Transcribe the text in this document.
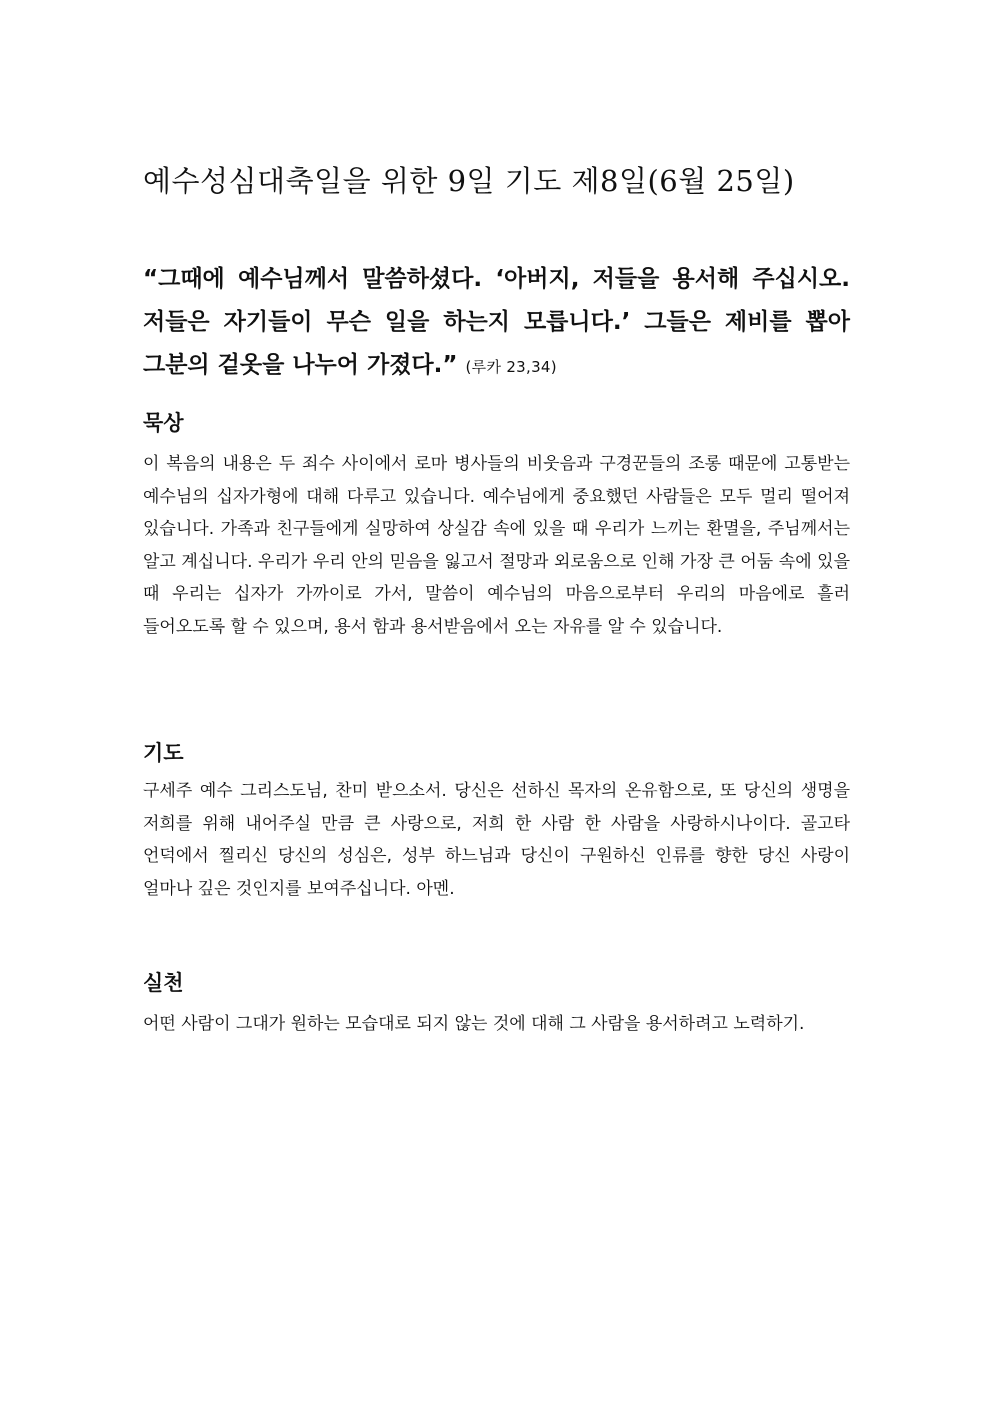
예수성심대축일을 위한 9일 기도 제8일(6월 25일)

“그때에 예수님께서 말씀하셨다. ‘아버지, 저들을 용서해 주십시오. 저들은 자기들이 무슨 일을 하는지 모릅니다.’ 그들은 제비를 뽑아 그분의 겉옷을 나누어 가졌다.” (루카 23,34)

묵상

이 복음의 내용은 두 죄수 사이에서 로마 병사들의 비웃음과 구경꾼들의 조롱 때문에 고통받는 예수님의 십자가형에 대해 다루고 있습니다. 예수님에게 중요했던 사람들은 모두 멀리 떨어져 있습니다. 가족과 친구들에게 실망하여 상실감 속에 있을 때 우리가 느끼는 환멸을, 주님께서는 알고 계십니다. 우리가 우리 안의 믿음을 잃고서 절망과 외로움으로 인해 가장 큰 어둠 속에 있을 때 우리는 십자가 가까이로 가서, 말씀이 예수님의 마음으로부터 우리의 마음에로 흘러 들어오도록 할 수 있으며, 용서 함과 용서받음에서 오는 자유를 알 수 있습니다.

기도

구세주 예수 그리스도님, 찬미 받으소서. 당신은 선하신 목자의 온유함으로, 또 당신의 생명을 저희를 위해 내어주실 만큼 큰 사랑으로, 저희 한 사람 한 사람을 사랑하시나이다. 골고타 언덕에서 찔리신 당신의 성심은, 성부 하느님과 당신이 구원하신 인류를 향한 당신 사랑이 얼마나 깊은 것인지를 보여주십니다. 아멘.

실천

어떤 사람이 그대가 원하는 모습대로 되지 않는 것에 대해 그 사람을 용서하려고 노력하기.
